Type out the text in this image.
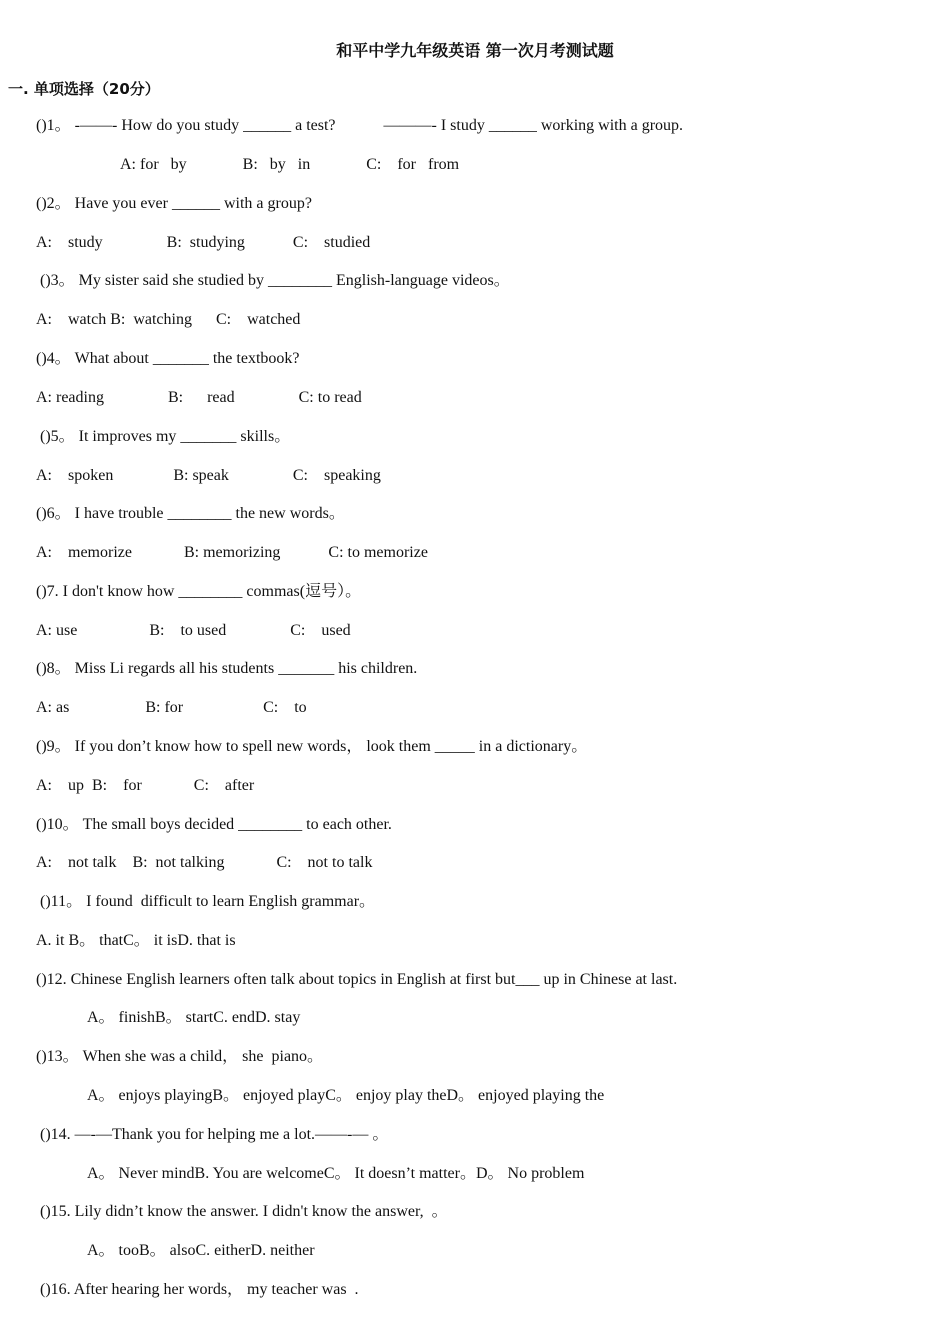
和平中学九年级英语 第一次月考测试题
一. 单项选择（20分）
()1。 -——- How do you study ______ a test?            ———- I study ______ working with a group.
A: for   by              B:   by   in              C:    for   from
()2。 Have you ever ______ with a group?
A:    study                B:  studying            C:    studied
()3。 My sister said she studied by ________ English-language videos。
A:    watch B:  watching      C:    watched
()4。 What about _______ the textbook?
A: reading                B:      read                C: to read
()5。 It improves my _______ skills。
A:    spoken               B: speak                C:    speaking
()6。 I have trouble ________ the new words。
A:    memorize             B: memorizing            C: to memorize
()7. I don't know how ________ commas(逗号）。
A: use                  B:    to used                C:    used
()8。 Miss Li regards all his students _______ his children.
A: as                   B: for                    C:    to
()9。 If you don’t know how to spell new words， look them _____ in a dictionary。
A:    up  B:    for             C:    after
()10。 The small boys decided ________ to each other.
A:    not talk    B:  not talking             C:    not to talk
()11。 I found  difficult to learn English grammar。
A. it B。 thatC。 it isD. that is
()12. Chinese English learners often talk about topics in English at first but___ up in Chinese at last.
A。 finishB。 startC. endD. stay
()13。 When she was a child， she  piano。
A。 enjoys playingB。 enjoyed playC。 enjoy play theD。 enjoyed playing the
()14. —-—Thank you for helping me a lot.——-— 。
A。 Never mindB. You are welcomeC。 It doesn’t matter。D。 No problem
()15. Lily didn’t know the answer. I didn't know the answer,  。
A。 tooB。 alsoC. eitherD. neither
()16. After hearing her words， my teacher was  .
